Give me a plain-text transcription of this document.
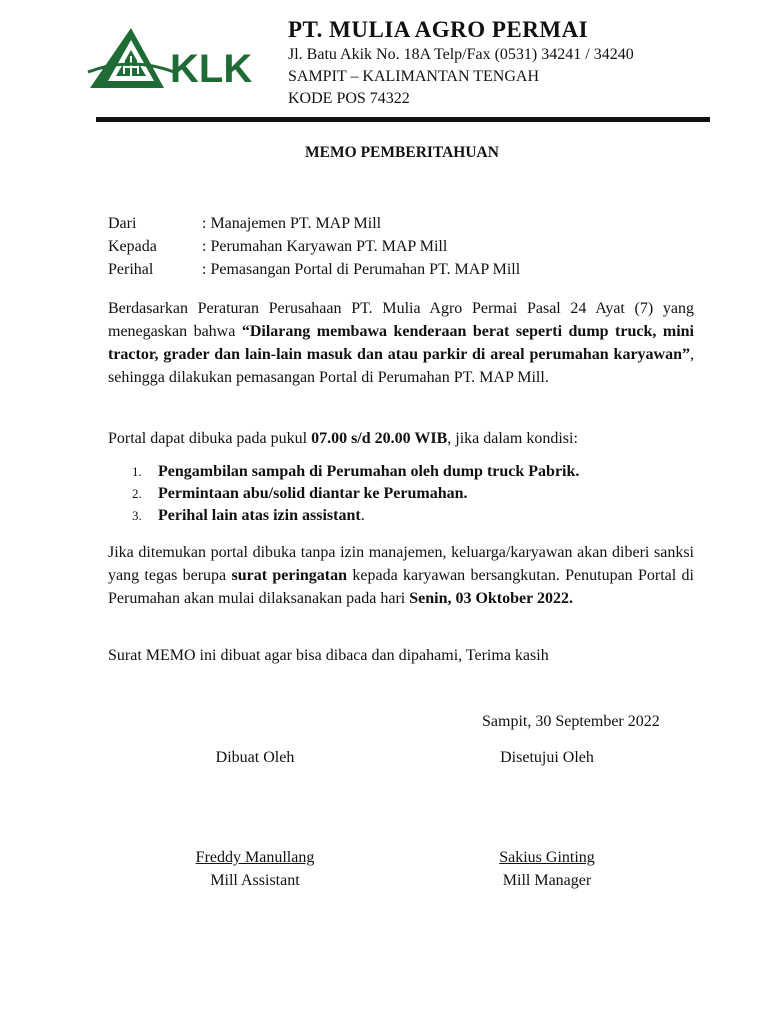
KLK

PT. MULIA AGRO PERMAI

Jl. Batu Akik No. 18A Telp/Fax (0531) 34241 / 34240

SAMPIT – KALIMANTAN TENGAH

KODE POS 74322

MEMO PEMBERITAHUAN
Dari	: Manajemen PT. MAP Mill
Kepada	: Perumahan Karyawan PT. MAP Mill
Perihal	: Pemasangan Portal di Perumahan PT. MAP Mill

Berdasarkan Peraturan Perusahaan PT. Mulia Agro Permai Pasal 24 Ayat (7) yang menegaskan bahwa “Dilarang membawa kenderaan berat seperti dump truck, mini tractor, grader dan lain-lain masuk dan atau parkir di areal perumahan karyawan”, sehingga dilakukan pemasangan Portal di Perumahan PT. MAP Mill.

Portal dapat dibuka pada pukul 07.00 s/d 20.00 WIB, jika dalam kondisi:

1. Pengambilan sampah di Perumahan oleh dump truck Pabrik.
2. Permintaan abu/solid diantar ke Perumahan.
3. Perihal lain atas izin assistant.

Jika ditemukan portal dibuka tanpa izin manajemen, keluarga/karyawan akan diberi sanksi yang tegas berupa surat peringatan kepada karyawan bersangkutan. Penutupan Portal di Perumahan akan mulai dilaksanakan pada hari Senin, 03 Oktober 2022.

Surat MEMO ini dibuat agar bisa dibaca dan dipahami, Terima kasih

Sampit, 30 September 2022
Dibuat Oleh	Disetujui Oleh
Freddy Manullang
Mill Assistant
Sakius Ginting
Mill Manager
